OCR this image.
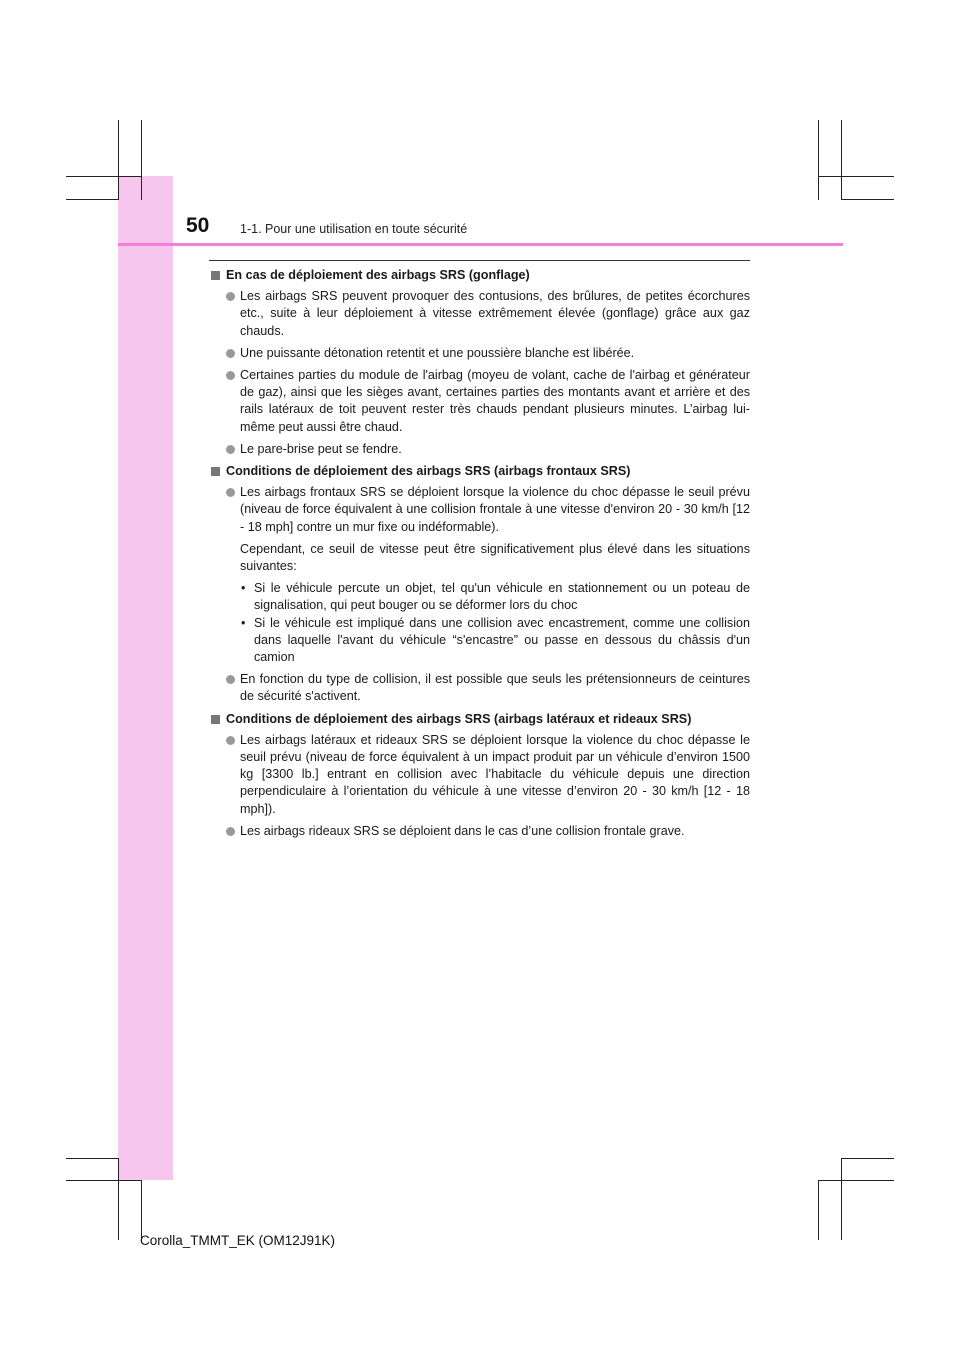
50 1-1. Pour une utilisation en toute sécurité
En cas de déploiement des airbags SRS (gonflage)
Les airbags SRS peuvent provoquer des contusions, des brûlures, de petites écorchures etc., suite à leur déploiement à vitesse extrêmement élevée (gonflage) grâce aux gaz chauds.
Une puissante détonation retentit et une poussière blanche est libérée.
Certaines parties du module de l'airbag (moyeu de volant, cache de l'airbag et générateur de gaz), ainsi que les sièges avant, certaines parties des montants avant et arrière et des rails latéraux de toit peuvent rester très chauds pendant plusieurs minutes. L’airbag lui-même peut aussi être chaud.
Le pare-brise peut se fendre.
Conditions de déploiement des airbags SRS (airbags frontaux SRS)
Les airbags frontaux SRS se déploient lorsque la violence du choc dépasse le seuil prévu (niveau de force équivalent à une collision frontale à une vitesse d'environ 20 - 30 km/h [12 - 18 mph] contre un mur fixe ou indéformable).
Cependant, ce seuil de vitesse peut être significativement plus élevé dans les situations suivantes:
• Si le véhicule percute un objet, tel qu'un véhicule en stationnement ou un poteau de signalisation, qui peut bouger ou se déformer lors du choc
• Si le véhicule est impliqué dans une collision avec encastrement, comme une collision dans laquelle l'avant du véhicule “s'encastre” ou passe en dessous du châssis d'un camion
En fonction du type de collision, il est possible que seuls les prétensionneurs de ceintures de sécurité s'activent.
Conditions de déploiement des airbags SRS (airbags latéraux et rideaux SRS)
Les airbags latéraux et rideaux SRS se déploient lorsque la violence du choc dépasse le seuil prévu (niveau de force équivalent à un impact produit par un véhicule d’environ 1500 kg [3300 lb.] entrant en collision avec l’habitacle du véhicule depuis une direction perpendiculaire à l’orientation du véhicule à une vitesse d’environ 20 - 30 km/h [12 - 18 mph]).
Les airbags rideaux SRS se déploient dans le cas d’une collision frontale grave.
Corolla_TMMT_EK (OM12J91K)
